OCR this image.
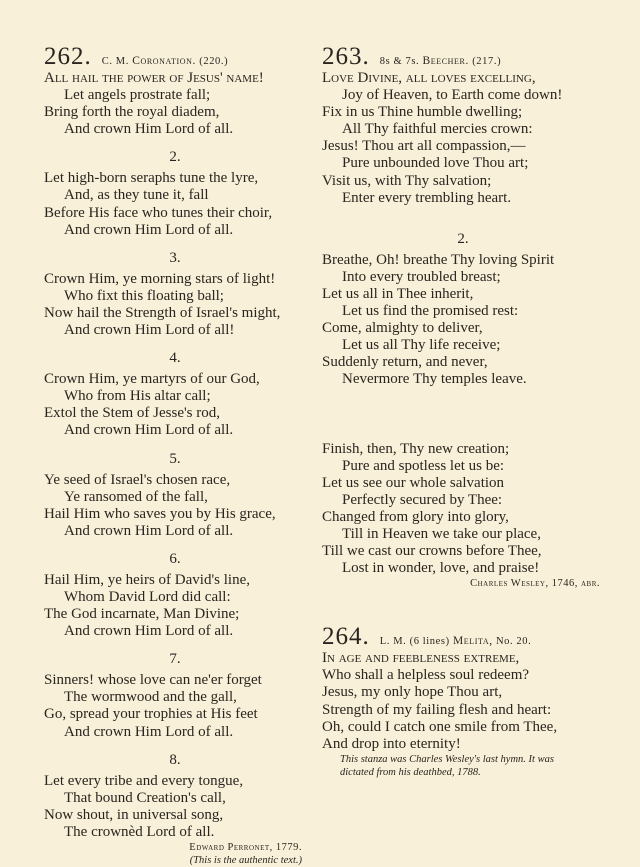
262. C. M. Coronation. (220.)
All hail the power of Jesus' name!
Let angels prostrate fall;
Bring forth the royal diadem,
And crown Him Lord of all.
2.
Let high-born seraphs tune the lyre,
And, as they tune it, fall
Before His face who tunes their choir,
And crown Him Lord of all.
3.
Crown Him, ye morning stars of light!
Who fixt this floating ball;
Now hail the Strength of Israel's might,
And crown Him Lord of all!
4.
Crown Him, ye martyrs of our God,
Who from His altar call;
Extol the Stem of Jesse's rod,
And crown Him Lord of all.
5.
Ye seed of Israel's chosen race,
Ye ransomed of the fall,
Hail Him who saves you by His grace,
And crown Him Lord of all.
6.
Hail Him, ye heirs of David's line,
Whom David Lord did call:
The God incarnate, Man Divine;
And crown Him Lord of all.
7.
Sinners! whose love can ne'er forget
The wormwood and the gall,
Go, spread your trophies at His feet
And crown Him Lord of all.
8.
Let every tribe and every tongue,
That bound Creation's call,
Now shout, in universal song,
The crownèd Lord of all.
Edward Perronet, 1779.
(This is the authentic text.)
263. 8s & 7s. Beecher. (217.)
Love Divine, all loves excelling,
Joy of Heaven, to Earth come down!
Fix in us Thine humble dwelling;
All Thy faithful mercies crown:
Jesus! Thou art all compassion,—
Pure unbounded love Thou art;
Visit us, with Thy salvation;
Enter every trembling heart.
2.
Breathe, Oh! breathe Thy loving Spirit
Into every troubled breast;
Let us all in Thee inherit,
Let us find the promised rest:
Come, almighty to deliver,
Let us all Thy life receive;
Suddenly return, and never,
Nevermore Thy temples leave.
Finish, then, Thy new creation;
Pure and spotless let us be:
Let us see our whole salvation
Perfectly secured by Thee:
Changed from glory into glory,
Till in Heaven we take our place,
Till we cast our crowns before Thee,
Lost in wonder, love, and praise!
Charles Wesley, 1746, abr.
264. L. M. (6 lines) Melita, No. 20.
In age and feebleness extreme,
Who shall a helpless soul redeem?
Jesus, my only hope Thou art,
Strength of my failing flesh and heart:
Oh, could I catch one smile from Thee,
And drop into eternity!
This stanza was Charles Wesley's last hymn. It was
dictated from his deathbed, 1788.
